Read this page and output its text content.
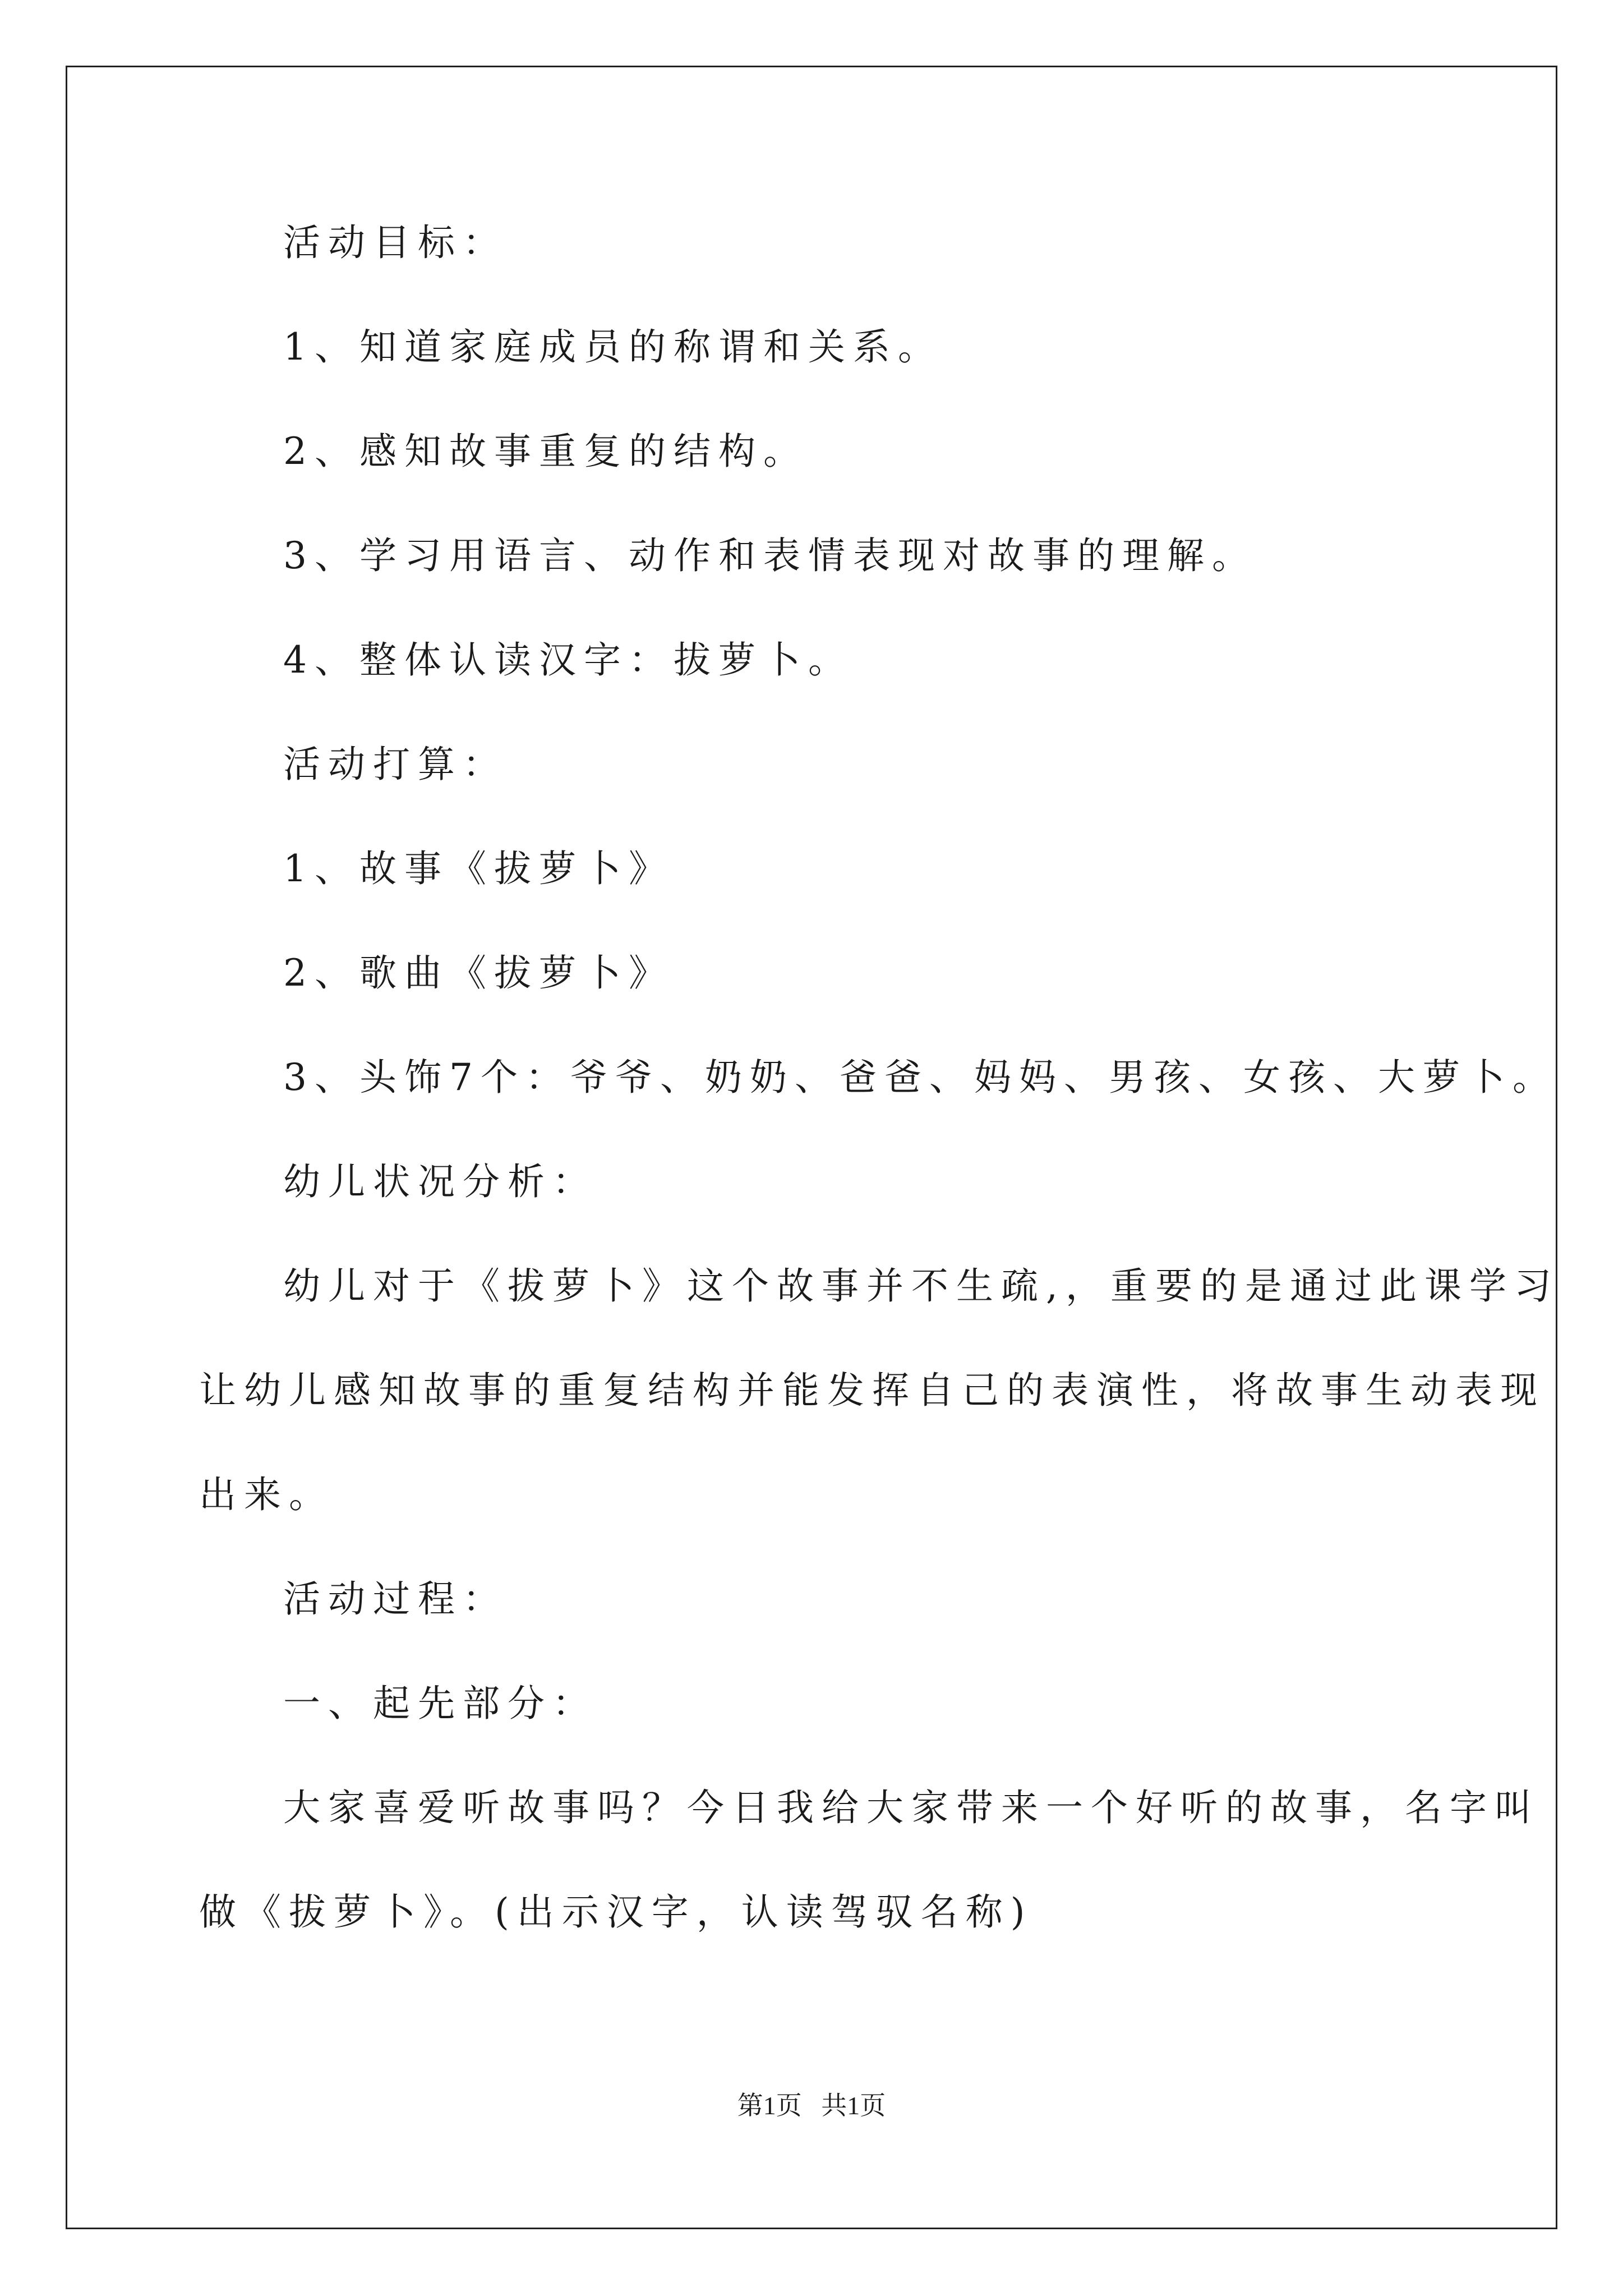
活动目标：
1、知道家庭成员的称谓和关系。
2、感知故事重复的结构。
3、学习用语言、动作和表情表现对故事的理解。
4、整体认读汉字：拔萝卜。
活动打算：
1、故事《拔萝卜》
2、歌曲《拔萝卜》
3、头饰7个：爷爷、奶奶、爸爸、妈妈、男孩、女孩、大萝卜。
幼儿状况分析：
幼儿对于《拔萝卜》这个故事并不生疏,，重要的是通过此课学习
让幼儿感知故事的重复结构并能发挥自己的表演性，将故事生动表现
出来。
活动过程：
一、起先部分：
大家喜爱听故事吗？今日我给大家带来一个好听的故事，名字叫
做《拔萝卜》。(出示汉字，认读驾驭名称)
第1页   共1页
